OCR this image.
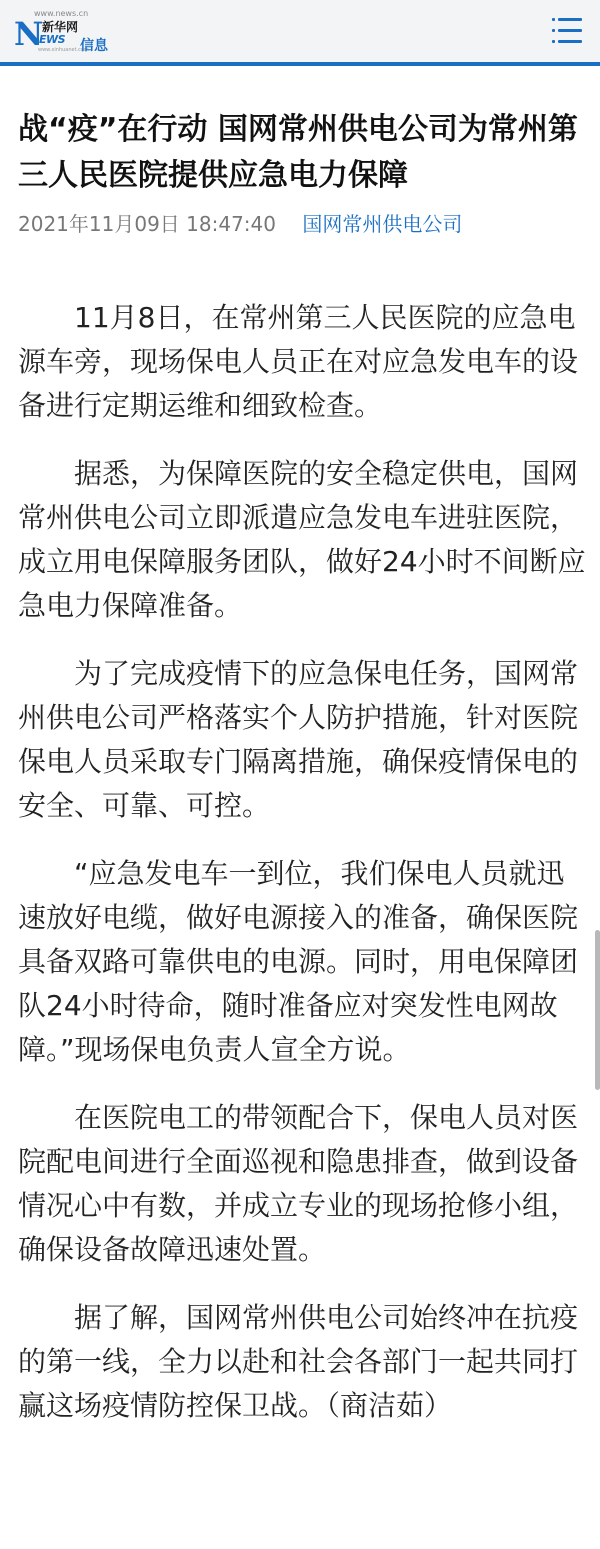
www.news.cn
N
新华网
EWS
www.xinhuanet.com
信息
战“疫”在行动 国网常州供电公司为常州第三人民医院提供应急电力保障
2021年11月09日 18:47:40 国网常州供电公司

11月8日，在常州第三人民医院的应急电源车旁，现场保电人员正在对应急发电车的设备进行定期运维和细致检查。

据悉，为保障医院的安全稳定供电，国网常州供电公司立即派遣应急发电车进驻医院，成立用电保障服务团队，做好24小时不间断应急电力保障准备。

为了完成疫情下的应急保电任务，国网常州供电公司严格落实个人防护措施，针对医院保电人员采取专门隔离措施，确保疫情保电的安全、可靠、可控。

“应急发电车一到位，我们保电人员就迅速放好电缆，做好电源接入的准备，确保医院具备双路可靠供电的电源。同时，用电保障团队24小时待命，随时准备应对突发性电网故障。”现场保电负责人宣全方说。

在医院电工的带领配合下，保电人员对医院配电间进行全面巡视和隐患排查，做到设备情况心中有数，并成立专业的现场抢修小组，确保设备故障迅速处置。

据了解，国网常州供电公司始终冲在抗疫的第一线，全力以赴和社会各部门一起共同打赢这场疫情防控保卫战。（商洁茹）
